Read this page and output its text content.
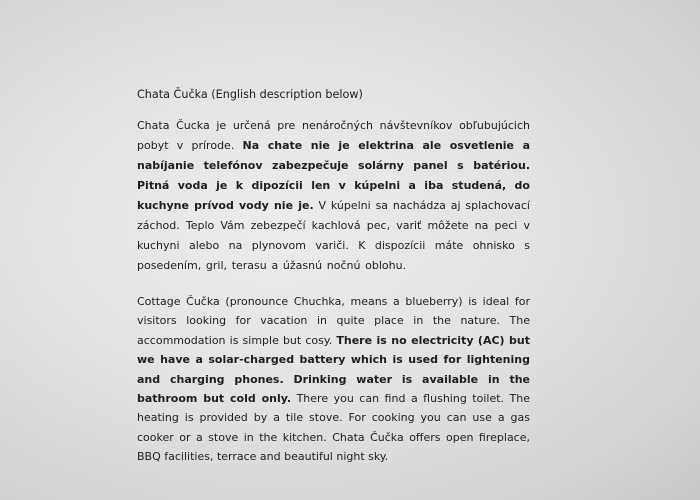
Chata Čučka (English description below)

Chata Čucka je určená pre nenáročných návštevníkov obľubujúcich pobyt v prírode. Na chate nie je elektrina ale osvetlenie a nabíjanie telefónov zabezpečuje solárny panel s batériou. Pitná voda je k dipozícii len v kúpelni a iba studená, do kuchyne prívod vody nie je. V kúpelni sa nachádza aj splachovací záchod. Teplo Vám zebezpečí kachlová pec, variť môžete na peci v kuchyni alebo na plynovom variči. K dispozícii máte ohnisko s posedením, gril, terasu a úžasnú nočnú oblohu.

Cottage Čučka (pronounce Chuchka, means a blueberry) is ideal for visitors looking for vacation in quite place in the nature. The accommodation is simple but cosy. There is no electricity (AC) but we have a solar-charged battery which is used for lightening and charging phones. Drinking water is available in the bathroom but cold only. There you can find a flushing toilet. The heating is provided by a tile stove. For cooking you can use a gas cooker or a stove in the kitchen. Chata Čučka offers open fireplace, BBQ facilities, terrace and beautiful night sky.
